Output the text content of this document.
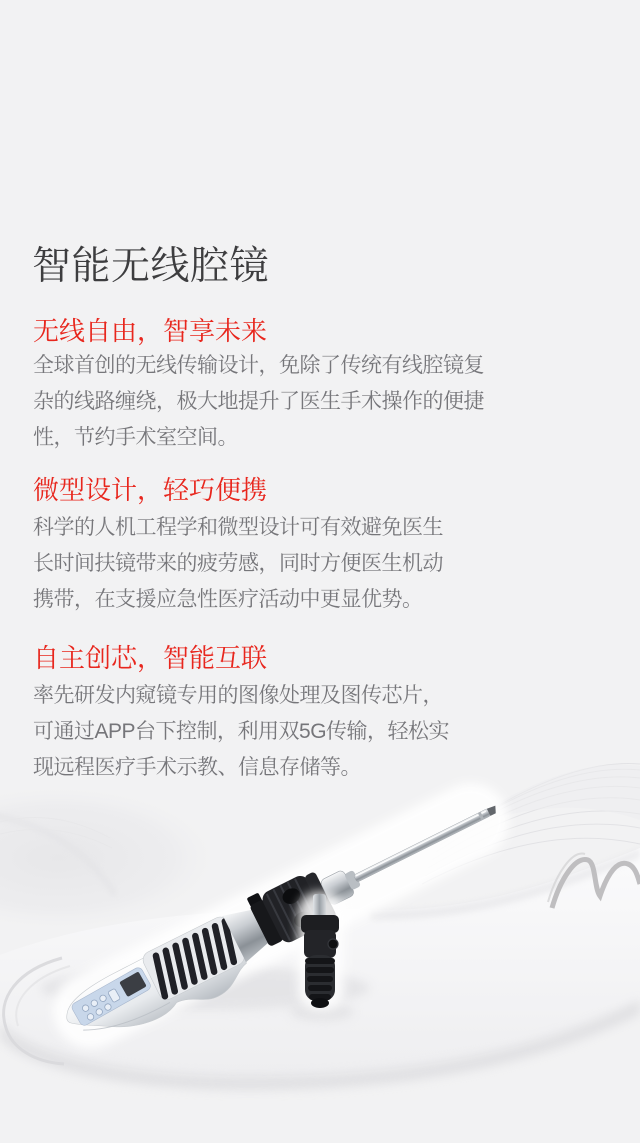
智能无线腔镜
无线自由，智享未来
全球首创的无线传输设计，免除了传统有线腔镜复
杂的线路缠绕，极大地提升了医生手术操作的便捷
性，节约手术室空间。
微型设计，轻巧便携
科学的人机工程学和微型设计可有效避免医生
长时间扶镜带来的疲劳感，同时方便医生机动
携带，在支援应急性医疗活动中更显优势。
自主创芯，智能互联
率先研发内窥镜专用的图像处理及图传芯片，
可通过APP台下控制，利用双5G传输，轻松实
现远程医疗手术示教、信息存储等。
